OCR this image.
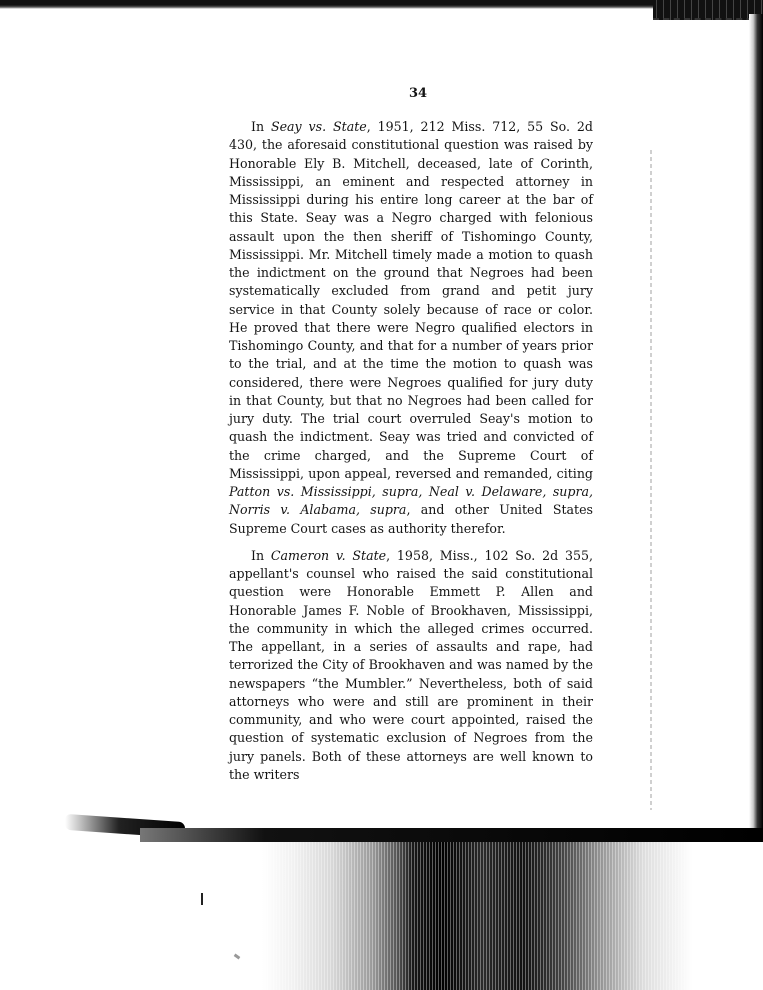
34

In Seay vs. State, 1951, 212 Miss. 712, 55 So. 2d 430, the aforesaid constitutional question was raised by Honorable Ely B. Mitchell, deceased, late of Corinth, Mississippi, an eminent and respected attorney in Mississippi during his entire long career at the bar of this State. Seay was a Negro charged with felonious assault upon the then sheriff of Tishomingo County, Mississippi. Mr. Mitchell timely made a motion to quash the indictment on the ground that Negroes had been systematically excluded from grand and petit jury service in that County solely because of race or color. He proved that there were Negro qualified electors in Tishomingo County, and that for a number of years prior to the trial, and at the time the motion to quash was considered, there were Negroes qualified for jury duty in that County, but that no Negroes had been called for jury duty. The trial court overruled Seay's motion to quash the indictment. Seay was tried and convicted of the crime charged, and the Supreme Court of Mississippi, upon appeal, reversed and remanded, citing Patton vs. Mississippi, supra, Neal v. Delaware, supra, Norris v. Alabama, supra, and other United States Supreme Court cases as authority therefor.

In Cameron v. State, 1958, Miss., 102 So. 2d 355, appellant's counsel who raised the said constitutional question were Honorable Emmett P. Allen and Honorable James F. Noble of Brookhaven, Mississippi, the community in which the alleged crimes occurred. The appellant, in a series of assaults and rape, had terrorized the City of Brookhaven and was named by the newspapers “the Mumbler.” Nevertheless, both of said attorneys who were and still are prominent in their community, and who were court appointed, raised the question of systematic exclusion of Negroes from the jury panels. Both of these attorneys are well known to the writers
